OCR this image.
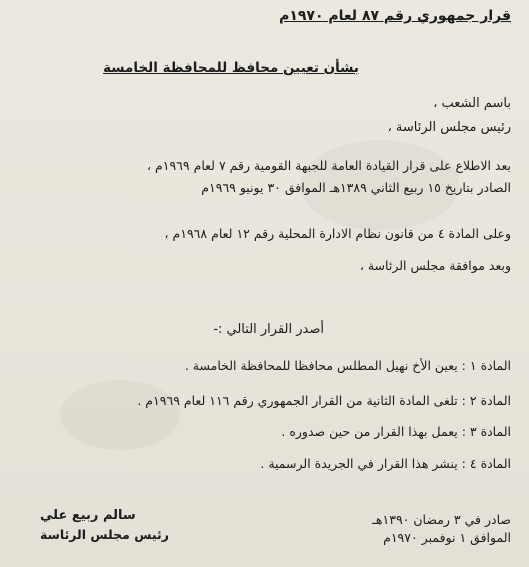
قرار جمهوري رقم ٨٧ لعام ١٩٧٠م
بشأن تعيين محافظ للمحافظة الخامسة
باسم الشعب ،
رئيس مجلس الرئاسة ،
بعد الاطلاع على قرار القيادة العامة للجبهة القومية رقم ٧ لعام ١٩٦٩م ،
الصادر بتاريخ ١٥ ربيع الثاني ١٣٨٩هـ الموافق ٣٠ يونيو ١٩٦٩م
وعلى المادة ٤ من قانون نظام الادارة المحلية رقم ١٢ لعام ١٩٦٨م ،
وبعد موافقة مجلس الرئاسة ،
أصدر القرار التالي :-
المادة ١ : يعين الأخ نهيل المطلس محافظا للمحافظة الخامسة .
المادة ٢ : تلغى المادة الثانية من القرار الجمهوري رقم ١١٦ لعام ١٩٦٩م .
المادة ٣ : يعمل بهذا القرار من حين صدوره .
المادة ٤ : ينشر هذا القرار في الجريدة الرسمية .
صادر في ٣ رمضان ١٣٩٠هـ
الموافق ١ نوفمبر ١٩٧٠م
سالم ربيع علي
رئيس مجلس الرئاسة
